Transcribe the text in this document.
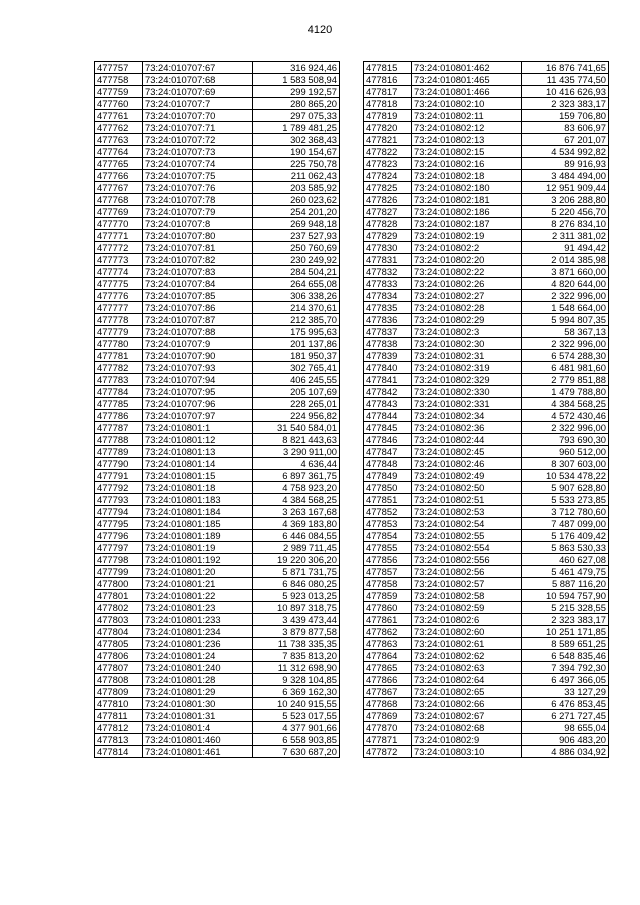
4120
477757	73:24:010707:67	316 924,46
477758	73:24:010707:68	1 583 508,94
477759	73:24:010707:69	299 192,57
477760	73:24:010707:7	280 865,20
477761	73:24:010707:70	297 075,33
477762	73:24:010707:71	1 789 481,25
477763	73:24:010707:72	302 368,43
477764	73:24:010707:73	190 154,67
477765	73:24:010707:74	225 750,78
477766	73:24:010707:75	211 062,43
477767	73:24:010707:76	203 585,92
477768	73:24:010707:78	260 023,62
477769	73:24:010707:79	254 201,20
477770	73:24:010707:8	269 948,18
477771	73:24:010707:80	237 527,93
477772	73:24:010707:81	250 760,69
477773	73:24:010707:82	230 249,92
477774	73:24:010707:83	284 504,21
477775	73:24:010707:84	264 655,08
477776	73:24:010707:85	306 338,26
477777	73:24:010707:86	214 370,61
477778	73:24:010707:87	212 385,70
477779	73:24:010707:88	175 995,63
477780	73:24:010707:9	201 137,86
477781	73:24:010707:90	181 950,37
477782	73:24:010707:93	302 765,41
477783	73:24:010707:94	406 245,55
477784	73:24:010707:95	205 107,69
477785	73:24:010707:96	228 265,01
477786	73:24:010707:97	224 956,82
477787	73:24:010801:1	31 540 584,01
477788	73:24:010801:12	8 821 443,63
477789	73:24:010801:13	3 290 911,00
477790	73:24:010801:14	4 636,44
477791	73:24:010801:15	6 897 361,75
477792	73:24:010801:18	4 758 923,20
477793	73:24:010801:183	4 384 568,25
477794	73:24:010801:184	3 263 167,68
477795	73:24:010801:185	4 369 183,80
477796	73:24:010801:189	6 446 084,55
477797	73:24:010801:19	2 989 711,45
477798	73:24:010801:192	19 220 306,20
477799	73:24:010801:20	5 871 731,75
477800	73:24:010801:21	6 846 080,25
477801	73:24:010801:22	5 923 013,25
477802	73:24:010801:23	10 897 318,75
477803	73:24:010801:233	3 439 473,44
477804	73:24:010801:234	3 879 877,58
477805	73:24:010801:236	11 738 335,35
477806	73:24:010801:24	7 835 813,20
477807	73:24:010801:240	11 312 698,90
477808	73:24:010801:28	9 328 104,85
477809	73:24:010801:29	6 369 162,30
477810	73:24:010801:30	10 240 915,55
477811	73:24:010801:31	5 523 017,55
477812	73:24:010801:4	4 377 901,66
477813	73:24:010801:460	6 558 903,85
477814	73:24:010801:461	7 630 687,20
477815	73:24:010801:462	16 876 741,65
477816	73:24:010801:465	11 435 774,50
477817	73:24:010801:466	10 416 626,93
477818	73:24:010802:10	2 323 383,17
477819	73:24:010802:11	159 706,80
477820	73:24:010802:12	83 606,97
477821	73:24:010802:13	67 201,07
477822	73:24:010802:15	4 534 992,82
477823	73:24:010802:16	89 916,93
477824	73:24:010802:18	3 484 494,00
477825	73:24:010802:180	12 951 909,44
477826	73:24:010802:181	3 206 288,80
477827	73:24:010802:186	5 220 456,70
477828	73:24:010802:187	8 276 834,10
477829	73:24:010802:19	2 311 381,02
477830	73:24:010802:2	91 494,42
477831	73:24:010802:20	2 014 385,98
477832	73:24:010802:22	3 871 660,00
477833	73:24:010802:26	4 820 644,00
477834	73:24:010802:27	2 322 996,00
477835	73:24:010802:28	1 548 664,00
477836	73:24:010802:29	5 994 807,35
477837	73:24:010802:3	58 367,13
477838	73:24:010802:30	2 322 996,00
477839	73:24:010802:31	6 574 288,30
477840	73:24:010802:319	6 481 981,60
477841	73:24:010802:329	2 779 851,88
477842	73:24:010802:330	1 479 788,80
477843	73:24:010802:331	4 384 568,25
477844	73:24:010802:34	4 572 430,46
477845	73:24:010802:36	2 322 996,00
477846	73:24:010802:44	793 690,30
477847	73:24:010802:45	960 512,00
477848	73:24:010802:46	8 307 603,00
477849	73:24:010802:49	10 534 478,22
477850	73:24:010802:50	5 907 628,80
477851	73:24:010802:51	5 533 273,85
477852	73:24:010802:53	3 712 780,60
477853	73:24:010802:54	7 487 099,00
477854	73:24:010802:55	5 176 409,42
477855	73:24:010802:554	5 863 530,33
477856	73:24:010802:556	460 627,08
477857	73:24:010802:56	5 461 479,75
477858	73:24:010802:57	5 887 116,20
477859	73:24:010802:58	10 594 757,90
477860	73:24:010802:59	5 215 328,55
477861	73:24:010802:6	2 323 383,17
477862	73:24:010802:60	10 251 171,85
477863	73:24:010802:61	8 589 651,25
477864	73:24:010802:62	6 548 835,46
477865	73:24:010802:63	7 394 792,30
477866	73:24:010802:64	6 497 366,05
477867	73:24:010802:65	33 127,29
477868	73:24:010802:66	6 476 853,45
477869	73:24:010802:67	6 271 727,45
477870	73:24:010802:68	98 655,04
477871	73:24:010802:9	906 483,20
477872	73:24:010803:10	4 886 034,92
